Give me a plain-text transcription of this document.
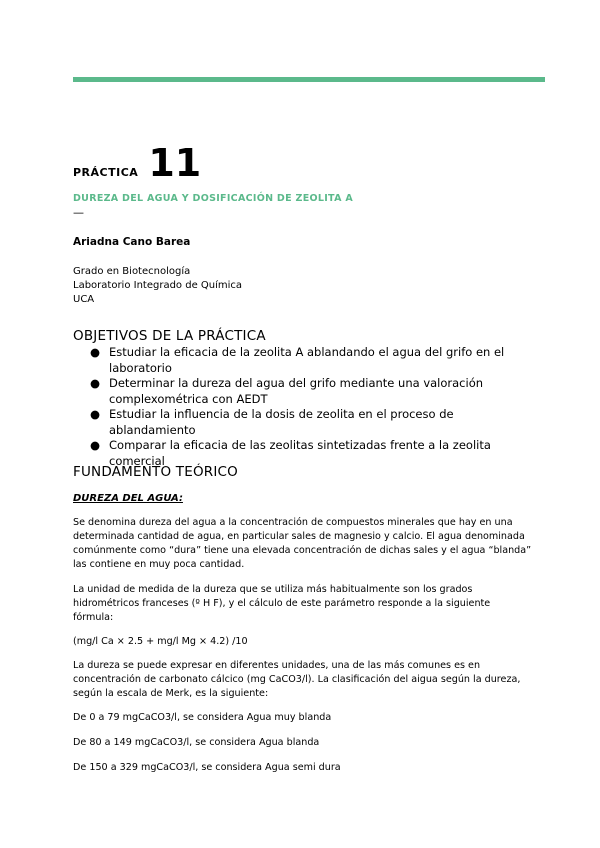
PRÁCTICA 11
DUREZA DEL AGUA Y DOSIFICACIÓN DE ZEOLITA A
—
Ariadna Cano Barea
Grado en Biotecnología
Laboratorio Integrado de Química
UCA
OBJETIVOS DE LA PRÁCTICA
● Estudiar la eficacia de la zeolita A ablandando el agua del grifo en el laboratorio
● Determinar la dureza del agua del grifo mediante una valoración complexométrica con AEDT
● Estudiar la influencia de la dosis de zeolita en el proceso de ablandamiento
● Comparar la eficacia de las zeolitas sintetizadas frente a la zeolita comercial
FUNDAMENTO TEÓRICO
DUREZA DEL AGUA:

Se denomina dureza del agua a la concentración de compuestos minerales que hay en una determinada cantidad de agua, en particular sales de magnesio y calcio. El agua denominada comúnmente como “dura” tiene una elevada concentración de dichas sales y el agua “blanda” las contiene en muy poca cantidad.

La unidad de medida de la dureza que se utiliza más habitualmente son los grados hidrométricos franceses (º H F), y el cálculo de este parámetro responde a la siguiente fórmula:

(mg/l Ca × 2.5 + mg/l Mg × 4.2) /10

La dureza se puede expresar en diferentes unidades, una de las más comunes es en concentración de carbonato cálcico (mg CaCO3/l). La clasificación del aigua según la dureza, según la escala de Merk, es la siguiente:

De 0 a 79 mgCaCO3/l, se considera Agua muy blanda

De 80 a 149 mgCaCO3/l, se considera Agua blanda

De 150 a 329 mgCaCO3/l, se considera Agua semi dura
